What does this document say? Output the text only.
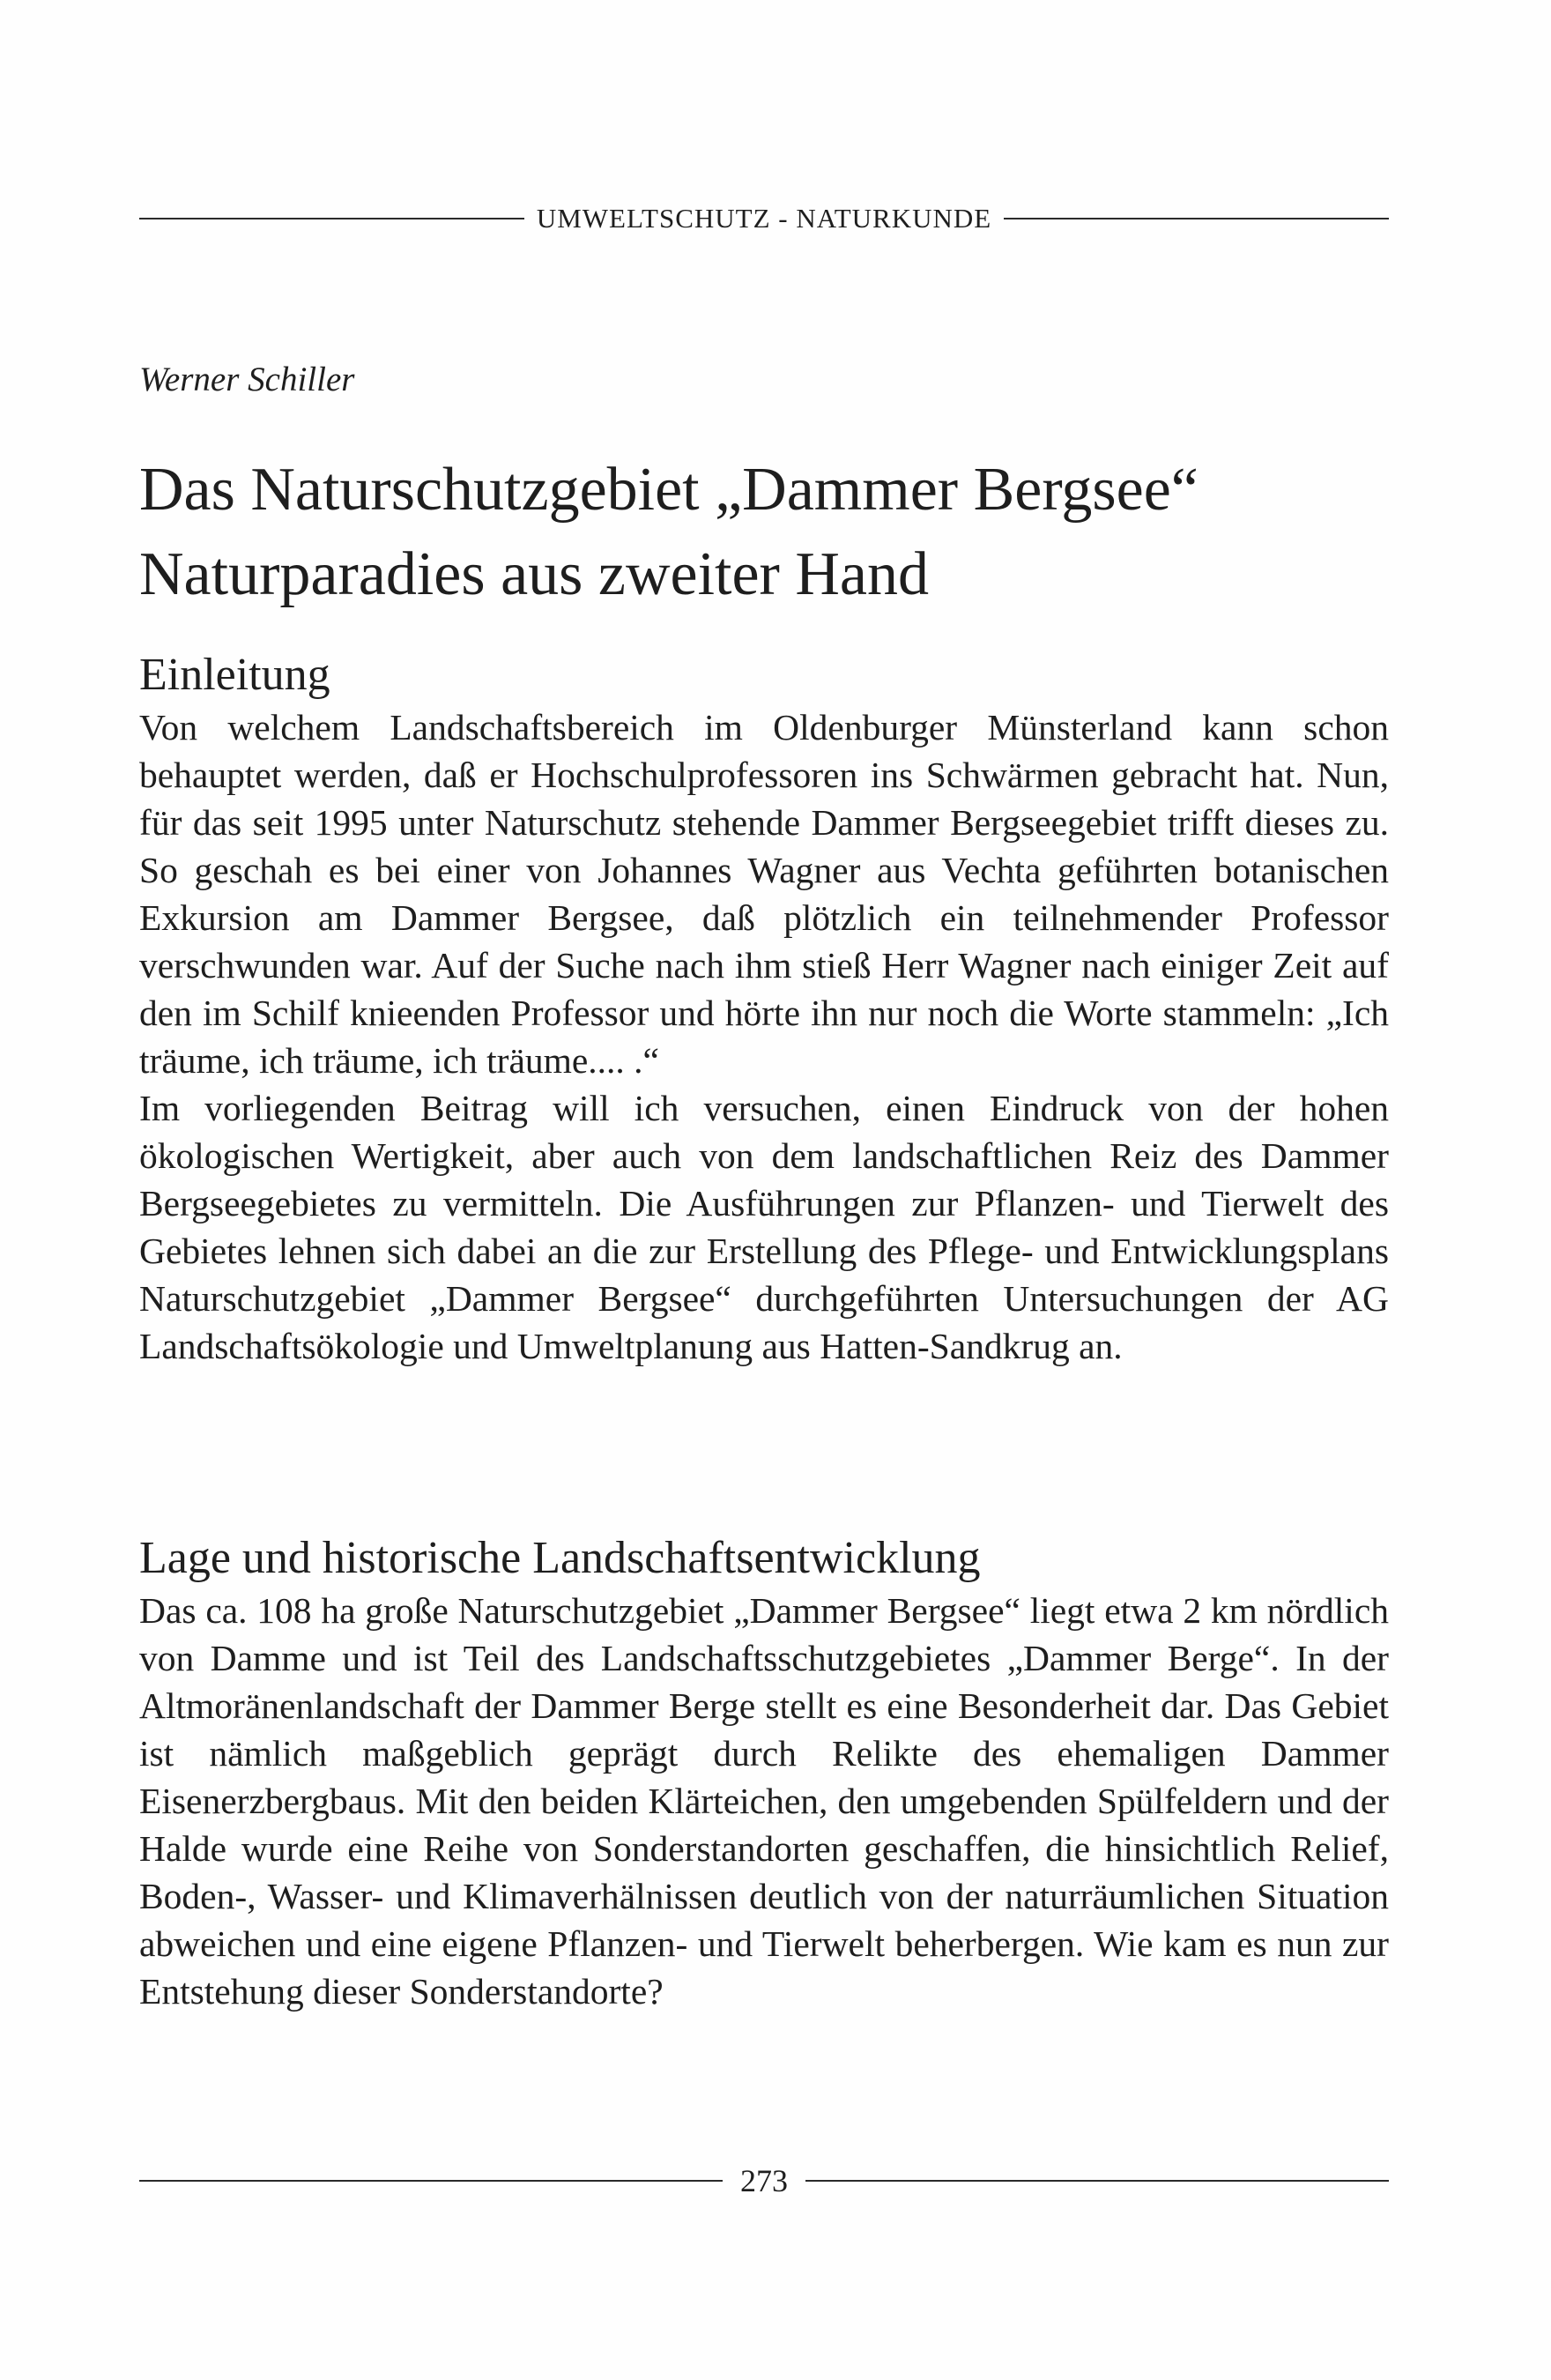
UMWELTSCHUTZ - NATURKUNDE
Werner Schiller
Das Naturschutzgebiet „Dammer Bergsee“
Naturparadies aus zweiter Hand
Einleitung

Von welchem Landschaftsbereich im Oldenburger Münsterland kann schon behauptet werden, daß er Hochschulprofessoren ins Schwärmen gebracht hat. Nun, für das seit 1995 unter Naturschutz stehende Dammer Bergseegebiet trifft dieses zu. So geschah es bei einer von Johannes Wagner aus Vechta geführten botanischen Exkursion am Dammer Bergsee, daß plötzlich ein teilnehmender Professor verschwunden war. Auf der Suche nach ihm stieß Herr Wagner nach einiger Zeit auf den im Schilf knieenden Professor und hörte ihn nur noch die Worte stammeln: „Ich träume, ich träume, ich träume.... .“

Im vorliegenden Beitrag will ich versuchen, einen Eindruck von der hohen ökologischen Wertigkeit, aber auch von dem landschaftlichen Reiz des Dammer Bergseegebietes zu vermitteln. Die Ausführungen zur Pflanzen- und Tierwelt des Gebietes lehnen sich dabei an die zur Erstellung des Pflege- und Entwicklungsplans Naturschutzgebiet „Dammer Bergsee“ durchgeführten Untersuchungen der AG Landschaftsökologie und Umweltplanung aus Hatten-Sandkrug an.

Lage und historische Landschaftsentwicklung

Das ca. 108 ha große Naturschutzgebiet „Dammer Bergsee“ liegt etwa 2 km nördlich von Damme und ist Teil des Landschaftsschutzgebietes „Dammer Berge“. In der Altmoränenlandschaft der Dammer Berge stellt es eine Besonderheit dar. Das Gebiet ist nämlich maßgeblich geprägt durch Relikte des ehemaligen Dammer Eisenerzbergbaus. Mit den beiden Klärteichen, den umgebenden Spülfeldern und der Halde wurde eine Reihe von Sonderstandorten geschaffen, die hinsichtlich Relief, Boden-, Wasser- und Klimaverhälnissen deutlich von der naturräumlichen Situation abweichen und eine eigene Pflanzen- und Tierwelt beherbergen. Wie kam es nun zur Entstehung dieser Sonderstandorte?

273
